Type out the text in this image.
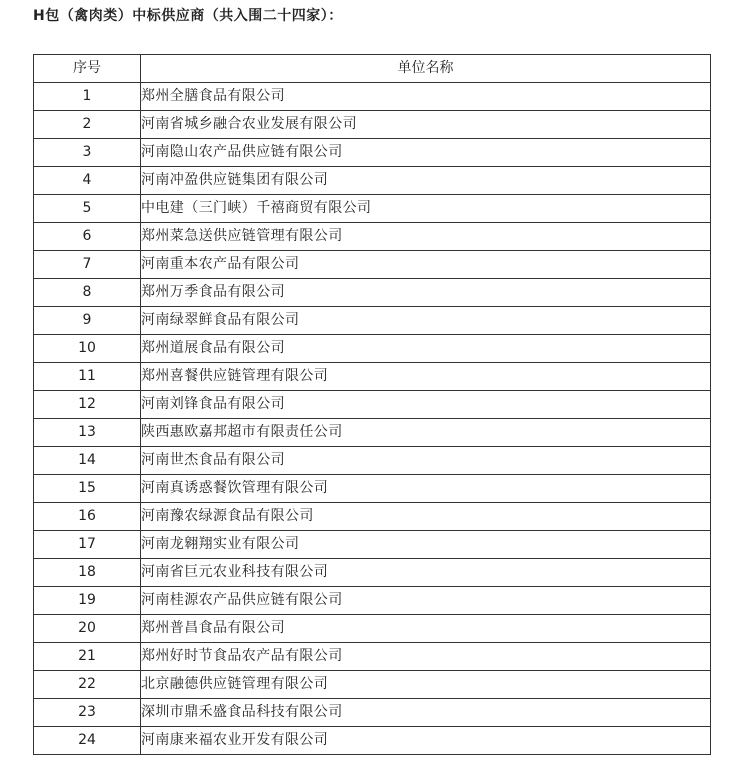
H包（禽肉类）中标供应商（共入围二十四家）：
序号	单位名称
1	郑州全膳食品有限公司
2	河南省城乡融合农业发展有限公司
3	河南隐山农产品供应链有限公司
4	河南冲盈供应链集团有限公司
5	中电建（三门峡）千禧商贸有限公司
6	郑州菜急送供应链管理有限公司
7	河南重本农产品有限公司
8	郑州万季食品有限公司
9	河南绿翠鲜食品有限公司
10	郑州道展食品有限公司
11	郑州喜餐供应链管理有限公司
12	河南刘锋食品有限公司
13	陕西惠欧嘉邦超市有限责任公司
14	河南世杰食品有限公司
15	河南真诱惑餐饮管理有限公司
16	河南豫农绿源食品有限公司
17	河南龙翱翔实业有限公司
18	河南省巨元农业科技有限公司
19	河南桂源农产品供应链有限公司
20	郑州普昌食品有限公司
21	郑州好时节食品农产品有限公司
22	北京融德供应链管理有限公司
23	深圳市鼎禾盛食品科技有限公司
24	河南康来福农业开发有限公司
